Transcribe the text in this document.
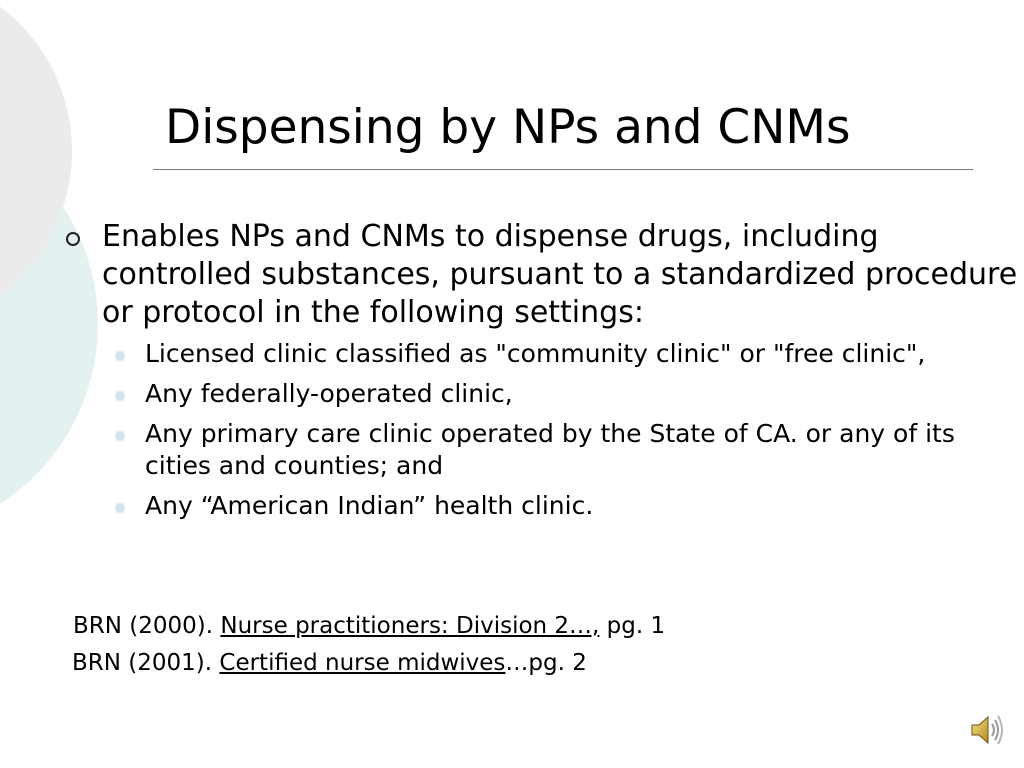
Dispensing by NPs and CNMs
Enables NPs and CNMs to dispense drugs, including controlled substances, pursuant to a standardized procedure or protocol in the following settings:
Licensed clinic classified as "community clinic" or "free clinic",
Any federally-operated clinic,
Any primary care clinic operated by the State of CA. or any of its cities and counties; and
Any “American Indian” health clinic.
BRN (2000). Nurse practitioners: Division 2…, pg. 1
BRN (2001). Certified nurse midwives…pg. 2
